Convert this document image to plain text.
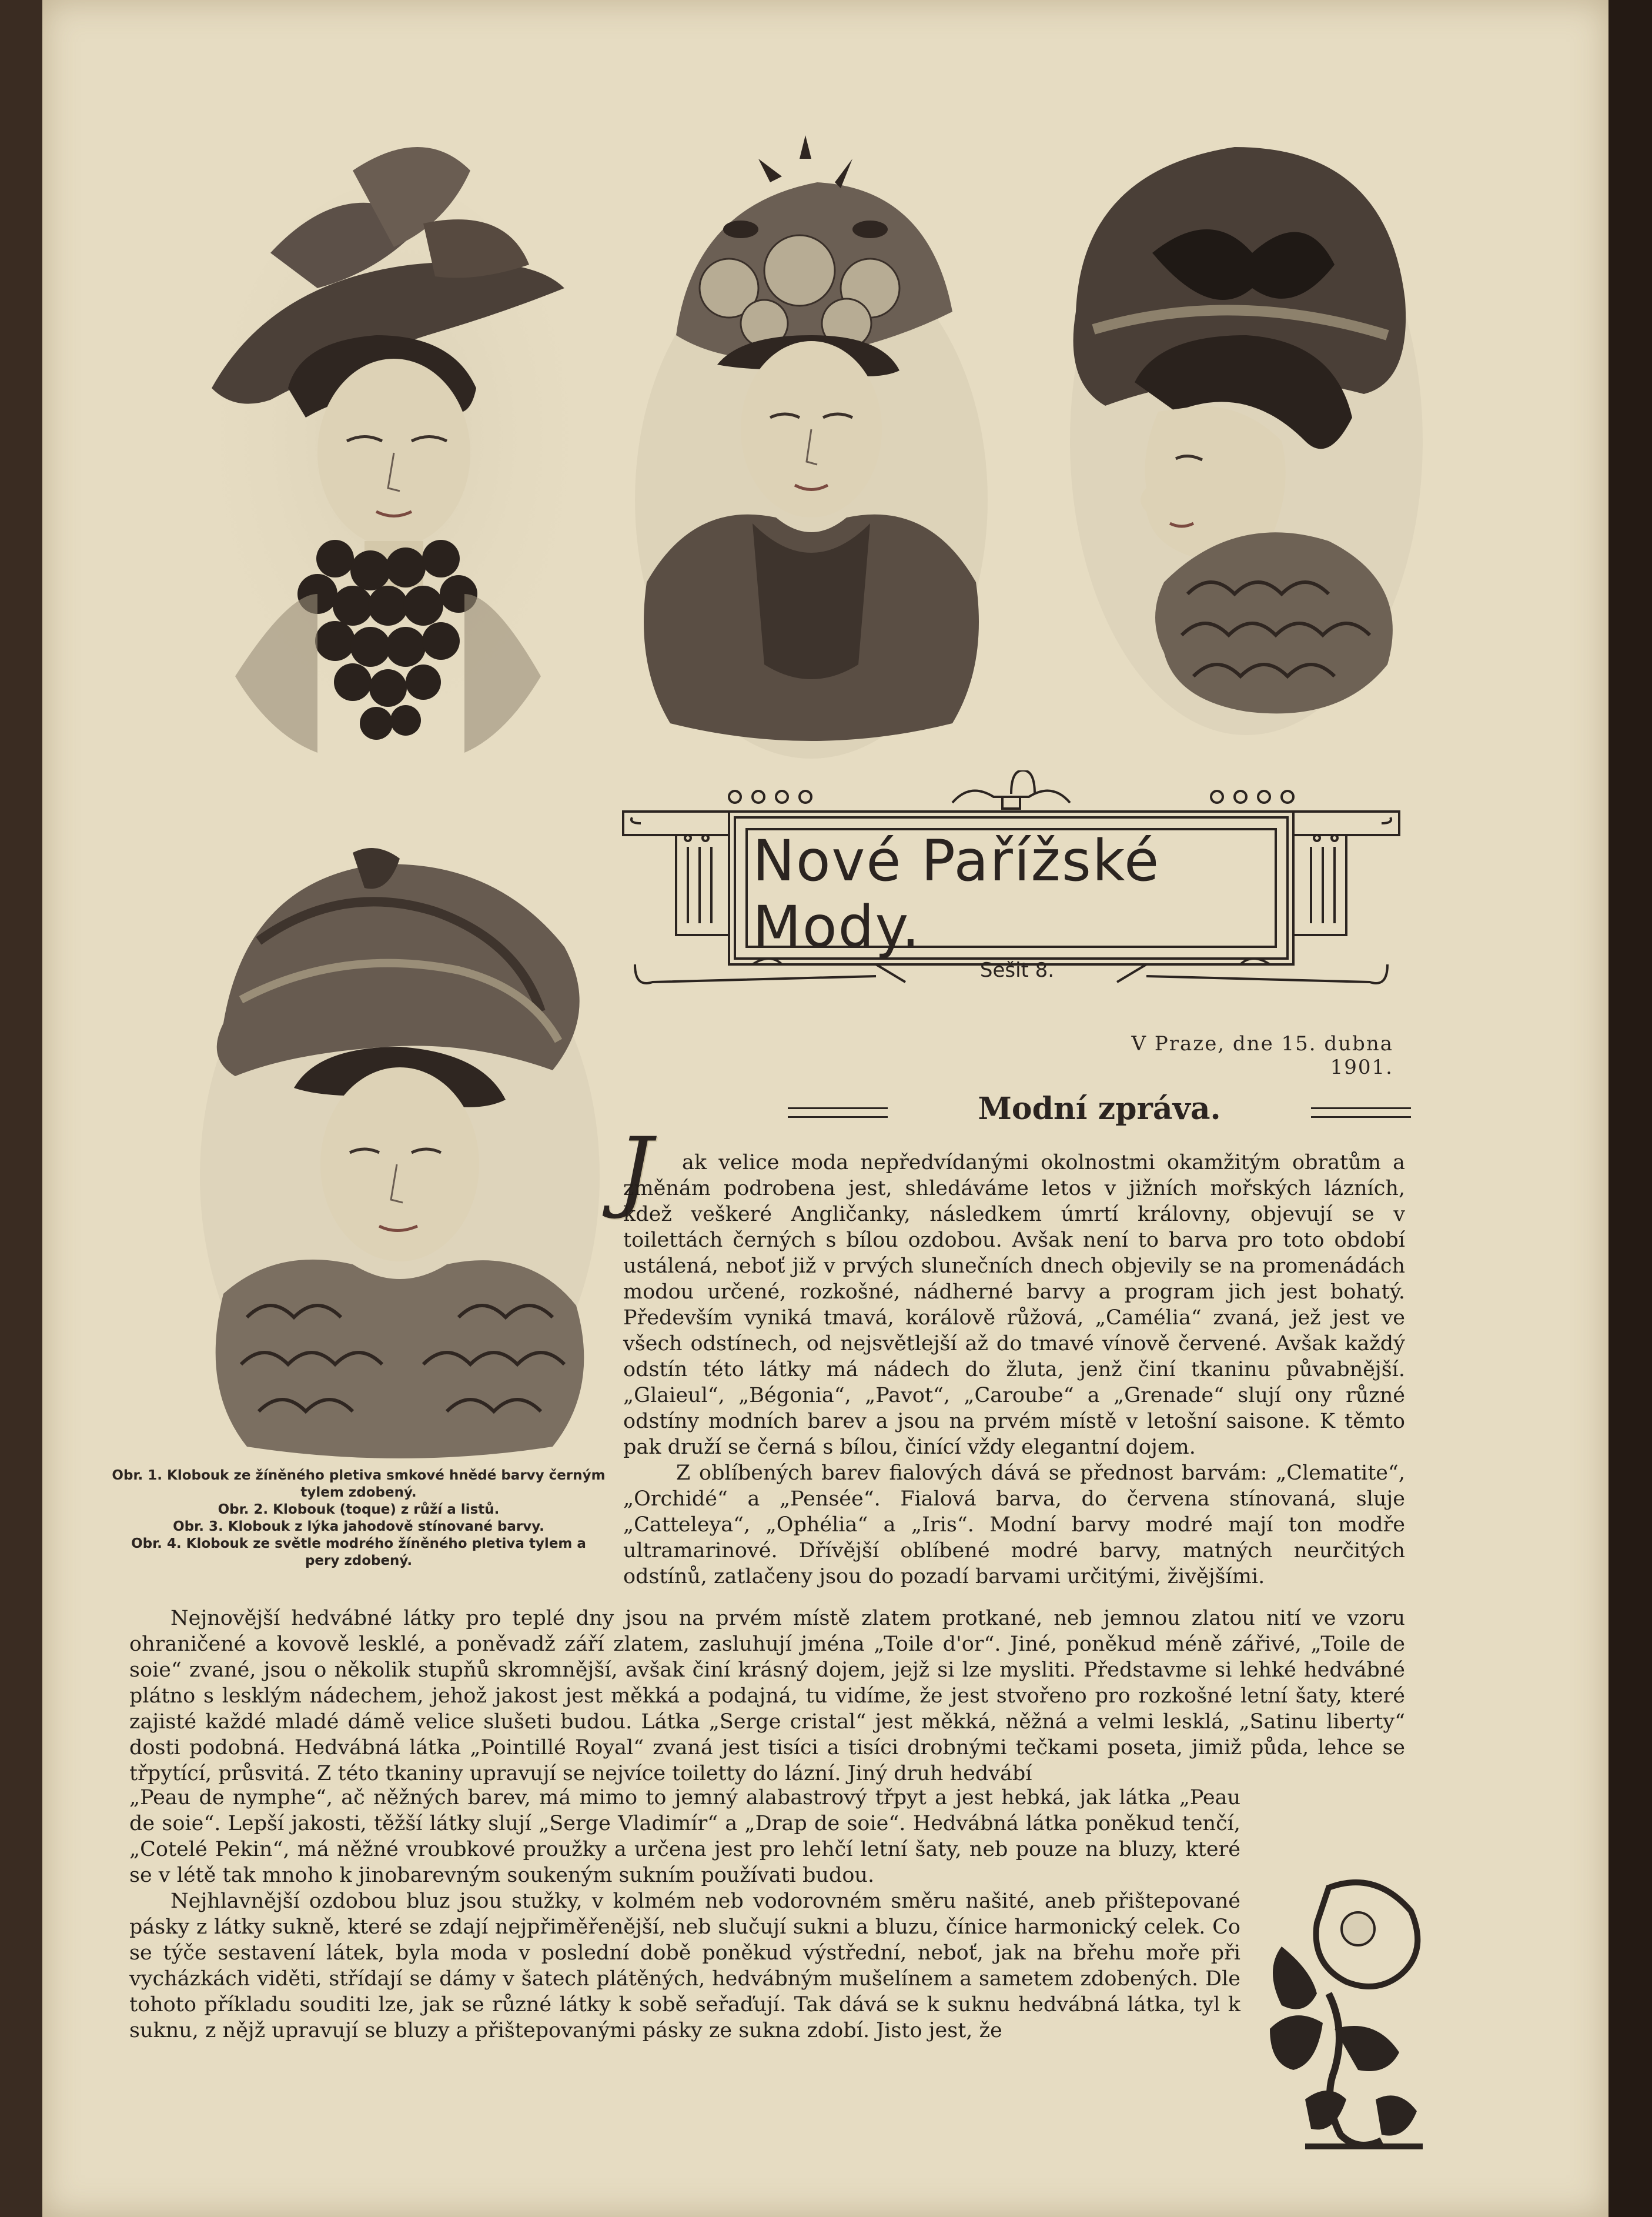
Nové Pařížské Mody.
Sešit 8.
V Praze, dne 15. dubna 1901.
Modní zpráva.
J	ak velice moda nepředvídanými okolnostmi okamžitým obratům a změnám podrobena jest, shledáváme letos v jižních mořských lázních, kdež veškeré Angličanky, následkem úmrtí královny, objevují se v toilettách černých s bílou ozdobou. Avšak není to barva pro toto období ustálená, neboť již v prvých slunečních dnech objevily se na promenádách modou určené, rozkošné, nádherné barvy a program jich jest bohatý. Především vyniká tmavá, korálově růžová, „Camélia“ zvaná, jež jest ve všech odstínech, od nejsvětlejší až do tmavé vínově červené. Avšak každý odstín této látky má nádech do žluta, jenž činí tkaninu půvabnější. „Glaieul“, „Bégonia“, „Pavot“, „Caroube“ a „Grenade“ slují ony různé odstíny modních barev a jsou na prvém místě v letošní saisone. K těmto pak druží se černá s bílou, činící vždy elegantní dojem.

Z oblíbených barev fialových dává se přednost barvám: „Clematite“, „Orchidé“ a „Pensée“. Fialová barva, do červena stínovaná, sluje „Catteleya“, „Ophélia“ a „Iris“. Modní barvy modré mají ton modře ultramarinové. Dřívější oblíbené modré barvy, matných neurčitých odstínů, zatlačeny jsou do pozadí barvami určitými, živějšími.

Obr. 1. Klobouk ze žíněného pletiva smkové hnědé barvy černým tylem zdobený.
Obr. 2. Klobouk (toque) z růží a listů.
Obr. 3. Klobouk z lýka jahodově stínované barvy.
Obr. 4. Klobouk ze světle modrého žíněného pletiva tylem a pery zdobený.

Nejnovější hedvábné látky pro teplé dny jsou na prvém místě zlatem protkané, neb jemnou zlatou nití ve vzoru ohraničené a kovově lesklé, a poněvadž září zlatem, zasluhují jména „Toile d'or“. Jiné, poněkud méně zářivé, „Toile de soie“ zvané, jsou o několik stupňů skromnější, avšak činí krásný dojem, jejž si lze mysliti. Představme si lehké hedvábné plátno s lesklým nádechem, jehož jakost jest měkká a podajná, tu vidíme, že jest stvořeno pro rozkošné letní šaty, které zajisté každé mladé dámě velice slušeti budou. Látka „Serge cristal“ jest měkká, něžná a velmi lesklá, „Satinu liberty“ dosti podobná. Hedvábná látka „Pointillé Royal“ zvaná jest tisíci a tisíci drobnými tečkami poseta, jimiž půda, lehce se třpytící, průsvitá. Z této tkaniny upravují se nejvíce toiletty do lázní. Jiný druh hedvábí

„Peau de nymphe“, ač něžných barev, má mimo to jemný alabastrový třpyt a jest hebká, jak látka „Peau de soie“. Lepší jakosti, těžší látky slují „Serge Vladimír“ a „Drap de soie“. Hedvábná látka poněkud tenčí, „Cotelé Pekin“, má něžné vroubkové proužky a určena jest pro lehčí letní šaty, neb pouze na bluzy, které se v létě tak mnoho k jinobarevným soukeným sukním používati budou.

Nejhlavnější ozdobou bluz jsou stužky, v kolmém neb vodorovném směru našité, aneb přištepované pásky z látky sukně, které se zdají nejpřiměřenější, neb slučují sukni a bluzu, čínice harmonický celek. Co se týče sestavení látek, byla moda v poslední době poněkud výstřední, neboť, jak na břehu moře při vycházkách viděti, střídají se dámy v šatech plátěných, hedvábným mušelínem a sametem zdobených. Dle tohoto příkladu souditi lze, jak se různé látky k sobě seřaďují. Tak dává se k suknu hedvábná látka, tyl k suknu, z nějž upravují se bluzy a přištepovanými pásky ze sukna zdobí. Jisto jest, že
